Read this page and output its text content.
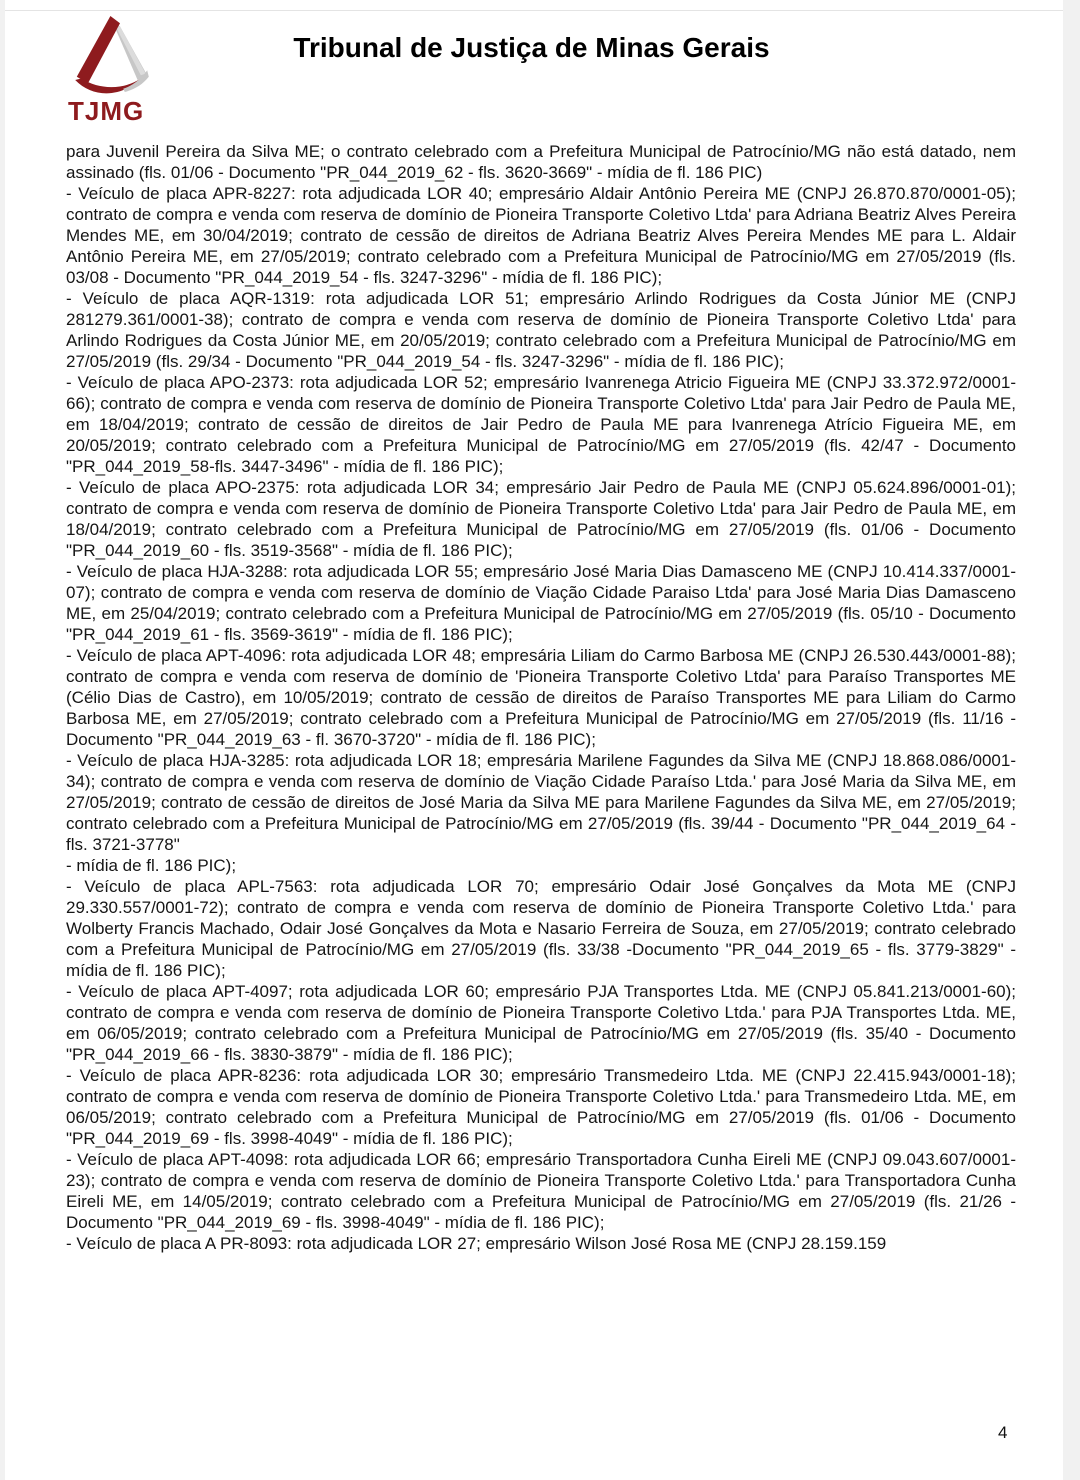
TJMG
Tribunal de Justiça de Minas Gerais

para Juvenil Pereira da Silva ME; o contrato celebrado com a Prefeitura Municipal de Patrocínio/MG não está datado, nem assinado (fls. 01/06 - Documento "PR_044_2019_62 - fls. 3620-3669" - mídia de fl. 186 PIC)

- Veículo de placa APR-8227: rota adjudicada LOR 40; empresário Aldair Antônio Pereira ME (CNPJ 26.870.870/0001-05); contrato de compra e venda com reserva de domínio de Pioneira Transporte Coletivo Ltda' para Adriana Beatriz Alves Pereira Mendes ME, em 30/04/2019; contrato de cessão de direitos de Adriana Beatriz Alves Pereira Mendes ME para L. Aldair Antônio Pereira ME, em 27/05/2019; contrato celebrado com a Prefeitura Municipal de Patrocínio/MG em 27/05/2019 (fls. 03/08 - Documento "PR_044_2019_54 - fls. 3247-3296" - mídia de fl. 186 PIC);

- Veículo de placa AQR-1319: rota adjudicada LOR 51; empresário Arlindo Rodrigues da Costa Júnior ME (CNPJ 281279.361/0001-38); contrato de compra e venda com reserva de domínio de Pioneira Transporte Coletivo Ltda' para Arlindo Rodrigues da Costa Júnior ME, em 20/05/2019; contrato celebrado com a Prefeitura Municipal de Patrocínio/MG em 27/05/2019 (fls. 29/34 - Documento "PR_044_2019_54 - fls. 3247-3296" - mídia de fl. 186 PIC);

- Veículo de placa APO-2373: rota adjudicada LOR 52; empresário Ivanrenega Atricio Figueira ME (CNPJ 33.372.972/0001-66); contrato de compra e venda com reserva de domínio de Pioneira Transporte Coletivo Ltda' para Jair Pedro de Paula ME, em 18/04/2019; contrato de cessão de direitos de Jair Pedro de Paula ME para Ivanrenega Atrício Figueira ME, em 20/05/2019; contrato celebrado com a Prefeitura Municipal de Patrocínio/MG em 27/05/2019 (fls. 42/47 - Documento "PR_044_2019_58-fls. 3447-3496" - mídia de fl. 186 PIC);

- Veículo de placa APO-2375: rota adjudicada LOR 34; empresário Jair Pedro de Paula ME (CNPJ 05.624.896/0001-01); contrato de compra e venda com reserva de domínio de Pioneira Transporte Coletivo Ltda' para Jair Pedro de Paula ME, em 18/04/2019; contrato celebrado com a Prefeitura Municipal de Patrocínio/MG em 27/05/2019 (fls. 01/06 - Documento "PR_044_2019_60 - fls. 3519-3568" - mídia de fl. 186 PIC);

- Veículo de placa HJA-3288: rota adjudicada LOR 55; empresário José Maria Dias Damasceno ME (CNPJ 10.414.337/0001-07); contrato de compra e venda com reserva de domínio de Viação Cidade Paraiso Ltda' para José Maria Dias Damasceno ME, em 25/04/2019; contrato celebrado com a Prefeitura Municipal de Patrocínio/MG em 27/05/2019 (fls. 05/10 - Documento "PR_044_2019_61 - fls. 3569-3619" - mídia de fl. 186 PIC);

- Veículo de placa APT-4096: rota adjudicada LOR 48; empresária Liliam do Carmo Barbosa ME (CNPJ 26.530.443/0001-88); contrato de compra e venda com reserva de domínio de 'Pioneira Transporte Coletivo Ltda' para Paraíso Transportes ME (Célio Dias de Castro), em 10/05/2019; contrato de cessão de direitos de Paraíso Transportes ME para Liliam do Carmo Barbosa ME, em 27/05/2019; contrato celebrado com a Prefeitura Municipal de Patrocínio/MG em 27/05/2019 (fls. 11/16 - Documento "PR_044_2019_63 - fl. 3670-3720" - mídia de fl. 186 PIC);

- Veículo de placa HJA-3285: rota adjudicada LOR 18; empresária Marilene Fagundes da Silva ME (CNPJ 18.868.086/0001-34); contrato de compra e venda com reserva de domínio de Viação Cidade Paraíso Ltda.' para José Maria da Silva ME, em 27/05/2019; contrato de cessão de direitos de José Maria da Silva ME para Marilene Fagundes da Silva ME, em 27/05/2019; contrato celebrado com a Prefeitura Municipal de Patrocínio/MG em 27/05/2019 (fls. 39/44 - Documento "PR_044_2019_64 - fls. 3721-3778"

- mídia de fl. 186 PIC);

- Veículo de placa APL-7563: rota adjudicada LOR 70; empresário Odair José Gonçalves da Mota ME (CNPJ 29.330.557/0001-72); contrato de compra e venda com reserva de domínio de Pioneira Transporte Coletivo Ltda.' para Wolberty Francis Machado, Odair José Gonçalves da Mota e Nasario Ferreira de Souza, em 27/05/2019; contrato celebrado com a Prefeitura Municipal de Patrocínio/MG em 27/05/2019 (fls. 33/38 -Documento "PR_044_2019_65 - fls. 3779-3829" - mídia de fl. 186 PIC);

- Veículo de placa APT-4097; rota adjudicada LOR 60; empresário PJA Transportes Ltda. ME (CNPJ 05.841.213/0001-60); contrato de compra e venda com reserva de domínio de Pioneira Transporte Coletivo Ltda.' para PJA Transportes Ltda. ME, em 06/05/2019; contrato celebrado com a Prefeitura Municipal de Patrocínio/MG em 27/05/2019 (fls. 35/40 - Documento "PR_044_2019_66 - fls. 3830-3879" - mídia de fl. 186 PIC);

- Veículo de placa APR-8236: rota adjudicada LOR 30; empresário Transmedeiro Ltda. ME (CNPJ 22.415.943/0001-18); contrato de compra e venda com reserva de domínio de Pioneira Transporte Coletivo Ltda.' para Transmedeiro Ltda. ME, em 06/05/2019; contrato celebrado com a Prefeitura Municipal de Patrocínio/MG em 27/05/2019 (fls. 01/06 - Documento "PR_044_2019_69 - fls. 3998-4049" - mídia de fl. 186 PIC);

- Veículo de placa APT-4098: rota adjudicada LOR 66; empresário Transportadora Cunha Eireli ME (CNPJ 09.043.607/0001-23); contrato de compra e venda com reserva de domínio de Pioneira Transporte Coletivo Ltda.' para Transportadora Cunha Eireli ME, em 14/05/2019; contrato celebrado com a Prefeitura Municipal de Patrocínio/MG em 27/05/2019 (fls. 21/26 - Documento "PR_044_2019_69 - fls. 3998-4049" - mídia de fl. 186 PIC);

- Veículo de placa A PR-8093: rota adjudicada LOR 27; empresário Wilson José Rosa ME (CNPJ 28.159.159

4
